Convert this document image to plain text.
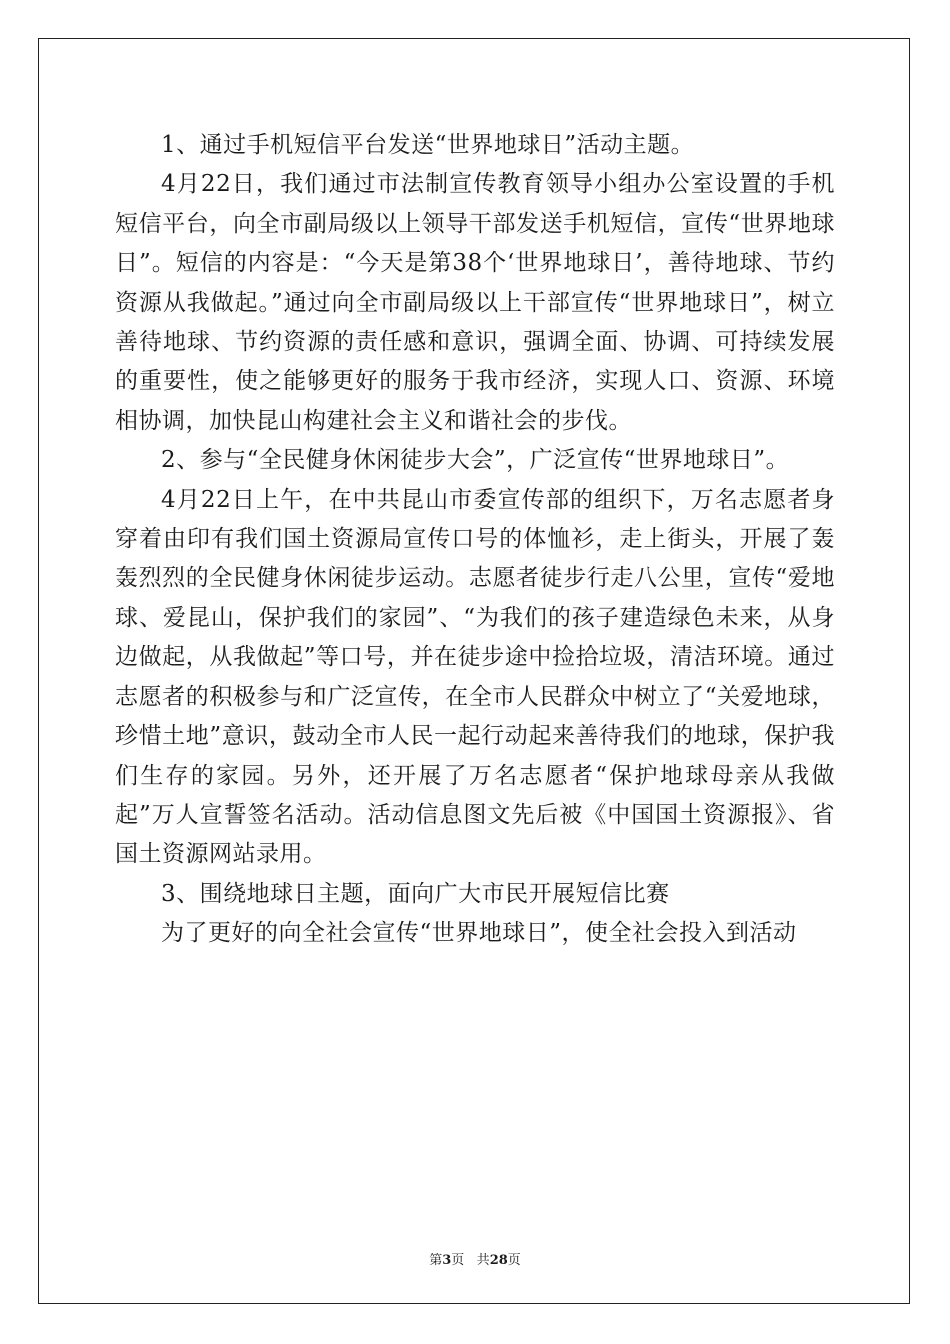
1、通过手机短信平台发送“世界地球日”活动主题。

4月22日，我们通过市法制宣传教育领导小组办公室设置的手机短信平台，向全市副局级以上领导干部发送手机短信，宣传“世界地球日”。短信的内容是：“今天是第38个‘世界地球日’，善待地球、节约资源从我做起。”通过向全市副局级以上干部宣传“世界地球日”，树立善待地球、节约资源的责任感和意识，强调全面、协调、可持续发展的重要性，使之能够更好的服务于我市经济，实现人口、资源、环境相协调，加快昆山构建社会主义和谐社会的步伐。

2、参与“全民健身休闲徒步大会”，广泛宣传“世界地球日”。

4月22日上午，在中共昆山市委宣传部的组织下，万名志愿者身穿着由印有我们国土资源局宣传口号的体恤衫，走上街头，开展了轰轰烈烈的全民健身休闲徒步运动。志愿者徒步行走八公里，宣传“爱地球、爱昆山，保护我们的家园”、“为我们的孩子建造绿色未来，从身边做起，从我做起”等口号，并在徒步途中捡拾垃圾，清洁环境。通过志愿者的积极参与和广泛宣传，在全市人民群众中树立了“关爱地球，珍惜土地”意识，鼓动全市人民一起行动起来善待我们的地球，保护我们生存的家园。另外，还开展了万名志愿者“保护地球母亲从我做起”万人宣誓签名活动。活动信息图文先后被《中国国土资源报》、省国土资源网站录用。

3、围绕地球日主题，面向广大市民开展短信比赛

为了更好的向全社会宣传“世界地球日”，使全社会投入到活动

第3页 共28页
